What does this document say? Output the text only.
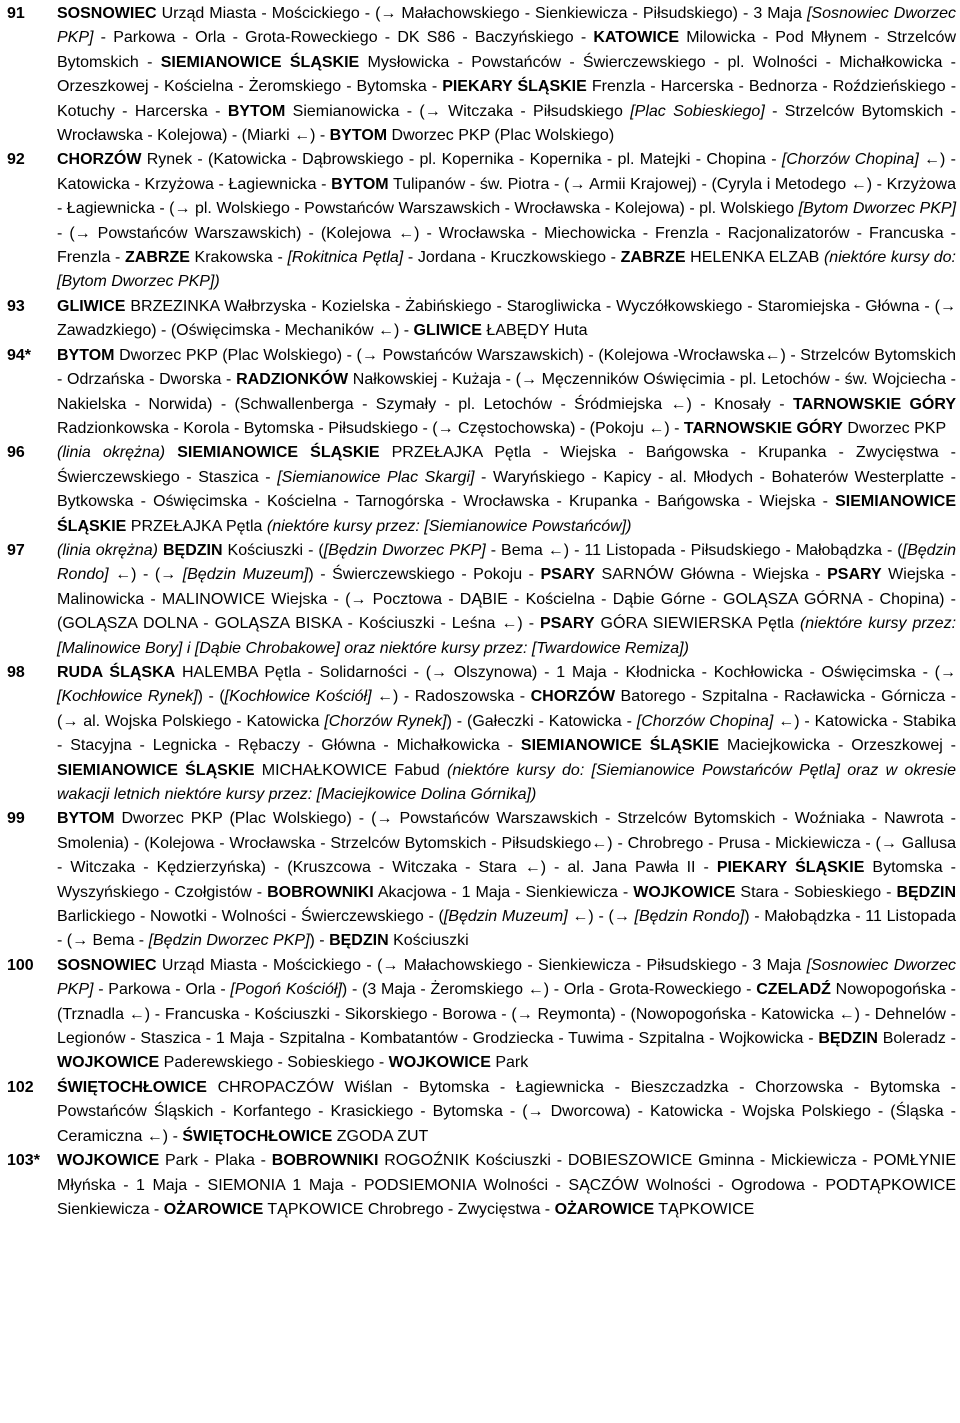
91	SOSNOWIEC Urząd Miasta - Mościckiego - (→ Małachowskiego - Sienkiewicza - Piłsudskiego) - 3 Maja [Sosnowiec Dworzec PKP] - Parkowa - Orla - Grota-Roweckiego - DK S86 - Baczyńskiego - KATOWICE Milowicka - Pod Młynem - Strzelców Bytomskich - SIEMIANOWICE ŚLĄSKIE Mysłowicka - Powstańców - Świerczewskiego - pl. Wolności - Michałkowicka - Orzeszkowej - Kościelna - Żeromskiego - Bytomska - PIEKARY ŚLĄSKIE Frenzla - Harcerska - Bednorza - Roździeńskiego - Kotuchy - Harcerska - BYTOM Siemianowicka - (→ Witczaka - Piłsudskiego [Plac Sobieskiego] - Strzelców Bytomskich - Wrocławska - Kolejowa) - (Miarki ←) - BYTOM Dworzec PKP (Plac Wolskiego)
92	CHORZÓW Rynek - (Katowicka - Dąbrowskiego - pl. Kopernika - Kopernika - pl. Matejki - Chopina - [Chorzów Chopina] ←) - Katowicka - Krzyżowa - Łagiewnicka - BYTOM Tulipanów - św. Piotra - (→ Armii Krajowej) - (Cyryla i Metodego ←) - Krzyżowa - Łagiewnicka - (→ pl. Wolskiego - Powstańców Warszawskich - Wrocławska - Kolejowa) - pl. Wolskiego [Bytom Dworzec PKP] - (→ Powstańców Warszawskich) - (Kolejowa ←) - Wrocławska - Miechowicka - Frenzla - Racjonalizatorów - Francuska - Frenzla - ZABRZE Krakowska - [Rokitnica Pętla] - Jordana - Kruczkowskiego - ZABRZE HELENKA ELZAB (niektóre kursy do: [Bytom Dworzec PKP])
93	GLIWICE BRZEZINKA Wałbrzyska - Kozielska - Żabińskiego - Starogliwicka - Wyczółkowskiego - Staromiejska - Główna - (→ Zawadzkiego) - (Oświęcimska - Mechaników ←) - GLIWICE ŁABĘDY Huta
94*	BYTOM Dworzec PKP (Plac Wolskiego) - (→ Powstańców Warszawskich) - (Kolejowa -Wrocławska←) - Strzelców Bytomskich - Odrzańska - Dworska - RADZIONKÓW Nałkowskiej - Kużaja - (→ Męczenników Oświęcimia - pl. Letochów - św. Wojciecha - Nakielska - Norwida) - (Schwallenberga - Szymały - pl. Letochów - Śródmiejska ←) - Knosały - TARNOWSKIE GÓRY Radzionkowska - Korola - Bytomska - Piłsudskiego - (→ Częstochowska) - (Pokoju ←) - TARNOWSKIE GÓRY Dworzec PKP
96	(linia okrężna) SIEMIANOWICE ŚLĄSKIE PRZEŁAJKA Pętla - Wiejska - Bańgowska - Krupanka - Zwycięstwa - Świerczewskiego - Staszica - [Siemianowice Plac Skargi] - Waryńskiego - Kapicy - al. Młodych - Bohaterów Westerplatte - Bytkowska - Oświęcimska - Kościelna - Tarnogórska - Wrocławska - Krupanka - Bańgowska - Wiejska - SIEMIANOWICE ŚLĄSKIE PRZEŁAJKA Pętla (niektóre kursy przez: [Siemianowice Powstańców])
97	(linia okrężna) BĘDZIN Kościuszki - ([Będzin Dworzec PKP] - Bema ←) - 11 Listopada - Piłsudskiego - Małobądzka - ([Będzin Rondo] ←) - (→ [Będzin Muzeum]) - Świerczewskiego - Pokoju - PSARY SARNÓW Główna - Wiejska - PSARY Wiejska - Malinowicka - MALINOWICE Wiejska - (→ Pocztowa - DĄBIE - Kościelna - Dąbie Górne - GOLĄSZA GÓRNA - Chopina) - (GOLĄSZA DOLNA - GOLĄSZA BISKA - Kościuszki - Leśna ←) - PSARY GÓRA SIEWIERSKA Pętla (niektóre kursy przez: [Malinowice Bory] i [Dąbie Chrobakowe] oraz niektóre kursy przez: [Twardowice Remiza])
98	RUDA ŚLĄSKA HALEMBA Pętla - Solidarności - (→ Olszynowa) - 1 Maja - Kłodnicka - Kochłowicka - Oświęcimska - (→ [Kochłowice Rynek]) - ([Kochłowice Kościół] ←) - Radoszowska - CHORZÓW Batorego - Szpitalna - Racławicka - Górnicza - (→ al. Wojska Polskiego - Katowicka [Chorzów Rynek]) - (Gałeczki - Katowicka - [Chorzów Chopina] ←) - Katowicka - Stabika - Stacyjna - Legnicka - Rębaczy - Główna - Michałkowicka - SIEMIANOWICE ŚLĄSKIE Maciejkowicka - Orzeszkowej - SIEMIANOWICE ŚLĄSKIE MICHAŁKOWICE Fabud (niektóre kursy do: [Siemianowice Powstańców Pętla] oraz w okresie wakacji letnich niektóre kursy przez: [Maciejkowice Dolina Górnika])
99	BYTOM Dworzec PKP (Plac Wolskiego) - (→ Powstańców Warszawskich - Strzelców Bytomskich - Woźniaka - Nawrota - Smolenia) - (Kolejowa - Wrocławska - Strzelców Bytomskich - Piłsudskiego←) - Chrobrego - Prusa - Mickiewicza - (→ Gallusa - Witczaka - Kędzierzyńska) - (Kruszcowa - Witczaka - Stara ←) - al. Jana Pawła II - PIEKARY ŚLĄSKIE Bytomska - Wyszyńskiego - Czołgistów - BOBROWNIKI Akacjowa - 1 Maja - Sienkiewicza - WOJKOWICE Stara - Sobieskiego - BĘDZIN Barlickiego - Nowotki - Wolności - Świerczewskiego - ([Będzin Muzeum] ←) - (→ [Będzin Rondo]) - Małobądzka - 11 Listopada - (→ Bema - [Będzin Dworzec PKP]) - BĘDZIN Kościuszki
100	SOSNOWIEC Urząd Miasta - Mościckiego - (→ Małachowskiego - Sienkiewicza - Piłsudskiego - 3 Maja [Sosnowiec Dworzec PKP] - Parkowa - Orla - [Pogoń Kościół]) - (3 Maja - Żeromskiego ←) - Orla - Grota-Roweckiego - CZELADŹ Nowopogońska - (Trznadla ←) - Francuska - Kościuszki - Sikorskiego - Borowa - (→ Reymonta) - (Nowopogońska - Katowicka ←) - Dehnelów - Legionów - Staszica - 1 Maja - Szpitalna - Kombatantów - Grodziecka - Tuwima - Szpitalna - Wojkowicka - BĘDZIN Boleradz - WOJKOWICE Paderewskiego - Sobieskiego - WOJKOWICE Park
102	ŚWIĘTOCHŁOWICE CHROPACZÓW Wiślan - Bytomska - Łagiewnicka - Bieszczadzka - Chorzowska - Bytomska - Powstańców Śląskich - Korfantego - Krasickiego - Bytomska - (→ Dworcowa) - Katowicka - Wojska Polskiego - (Śląska - Ceramiczna ←) - ŚWIĘTOCHŁOWICE ZGODA ZUT
103*	WOJKOWICE Park - Plaka - BOBROWNIKI ROGOŹNIK Kościuszki - DOBIESZOWICE Gminna - Mickiewicza - POMŁYNIE Młyńska - 1 Maja - SIEMONIA 1 Maja - PODSIEMONIA Wolności - SĄCZÓW Wolności - Ogrodowa - PODTĄPKOWICE Sienkiewicza - OŻAROWICE TĄPKOWICE Chrobrego - Zwycięstwa - OŻAROWICE TĄPKOWICE
